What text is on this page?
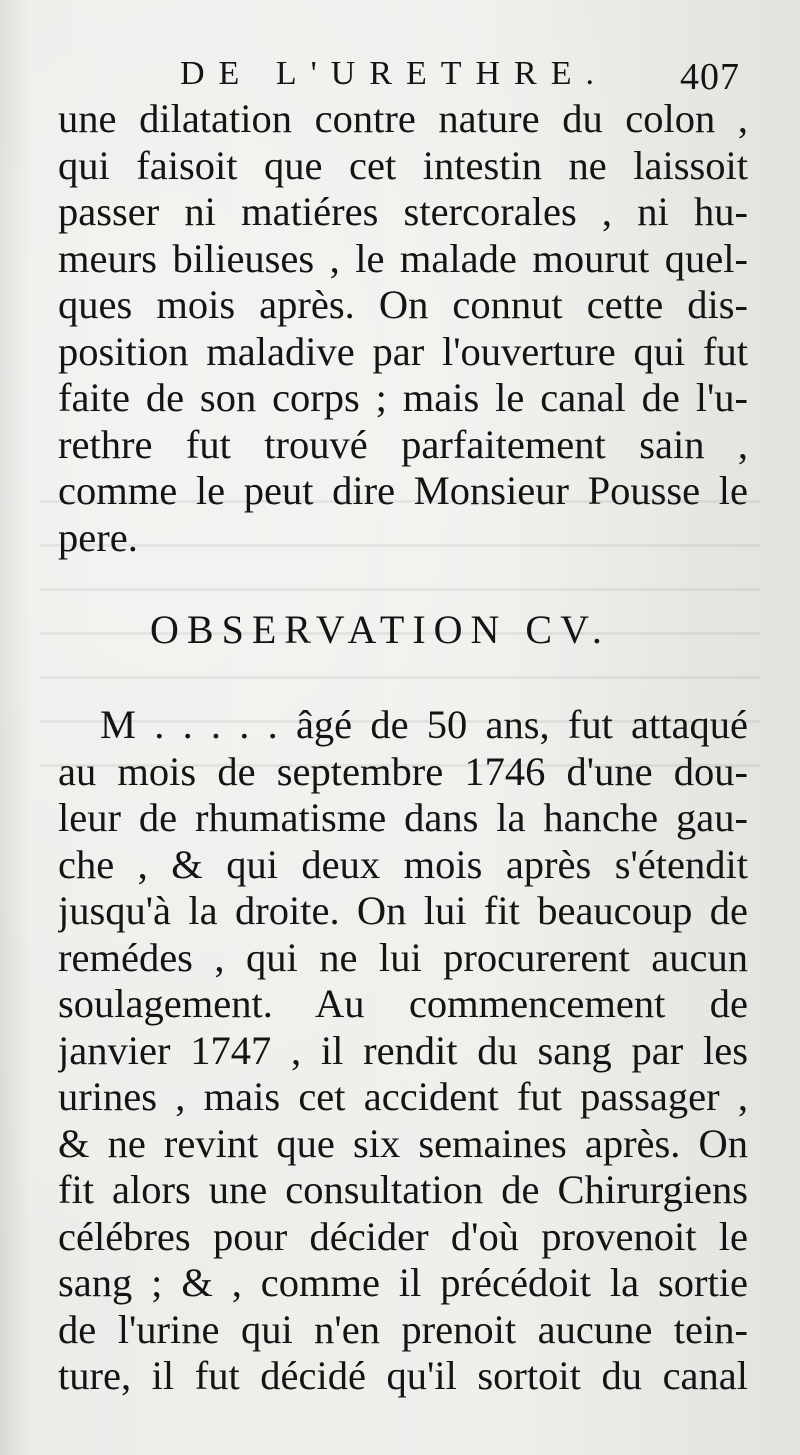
DE L'URETHRE. 407
une dilatation contre nature du colon ,
qui faisoit que cet intestin ne laissoit
passer ni matiéres stercorales , ni hu-
meurs bilieuses , le malade mourut quel-
ques mois après. On connut cette dis-
position maladive par l'ouverture qui fut
faite de son corps ; mais le canal de l'u-
rethre fut trouvé parfaitement sain ,
comme le peut dire Monsieur Pousse le
pere.
OBSERVATION CV.
M . . . . . âgé de 50 ans, fut attaqué
au mois de septembre 1746 d'une dou-
leur de rhumatisme dans la hanche gau-
che , & qui deux mois après s'étendit
jusqu'à la droite. On lui fit beaucoup de
remédes , qui ne lui procurerent aucun
soulagement. Au commencement de
janvier 1747 , il rendit du sang par les
urines , mais cet accident fut passager ,
& ne revint que six semaines après. On
fit alors une consultation de Chirurgiens
célébres pour décider d'où provenoit le
sang ; & , comme il précédoit la sortie
de l'urine qui n'en prenoit aucune tein-
ture, il fut décidé qu'il sortoit du canal
